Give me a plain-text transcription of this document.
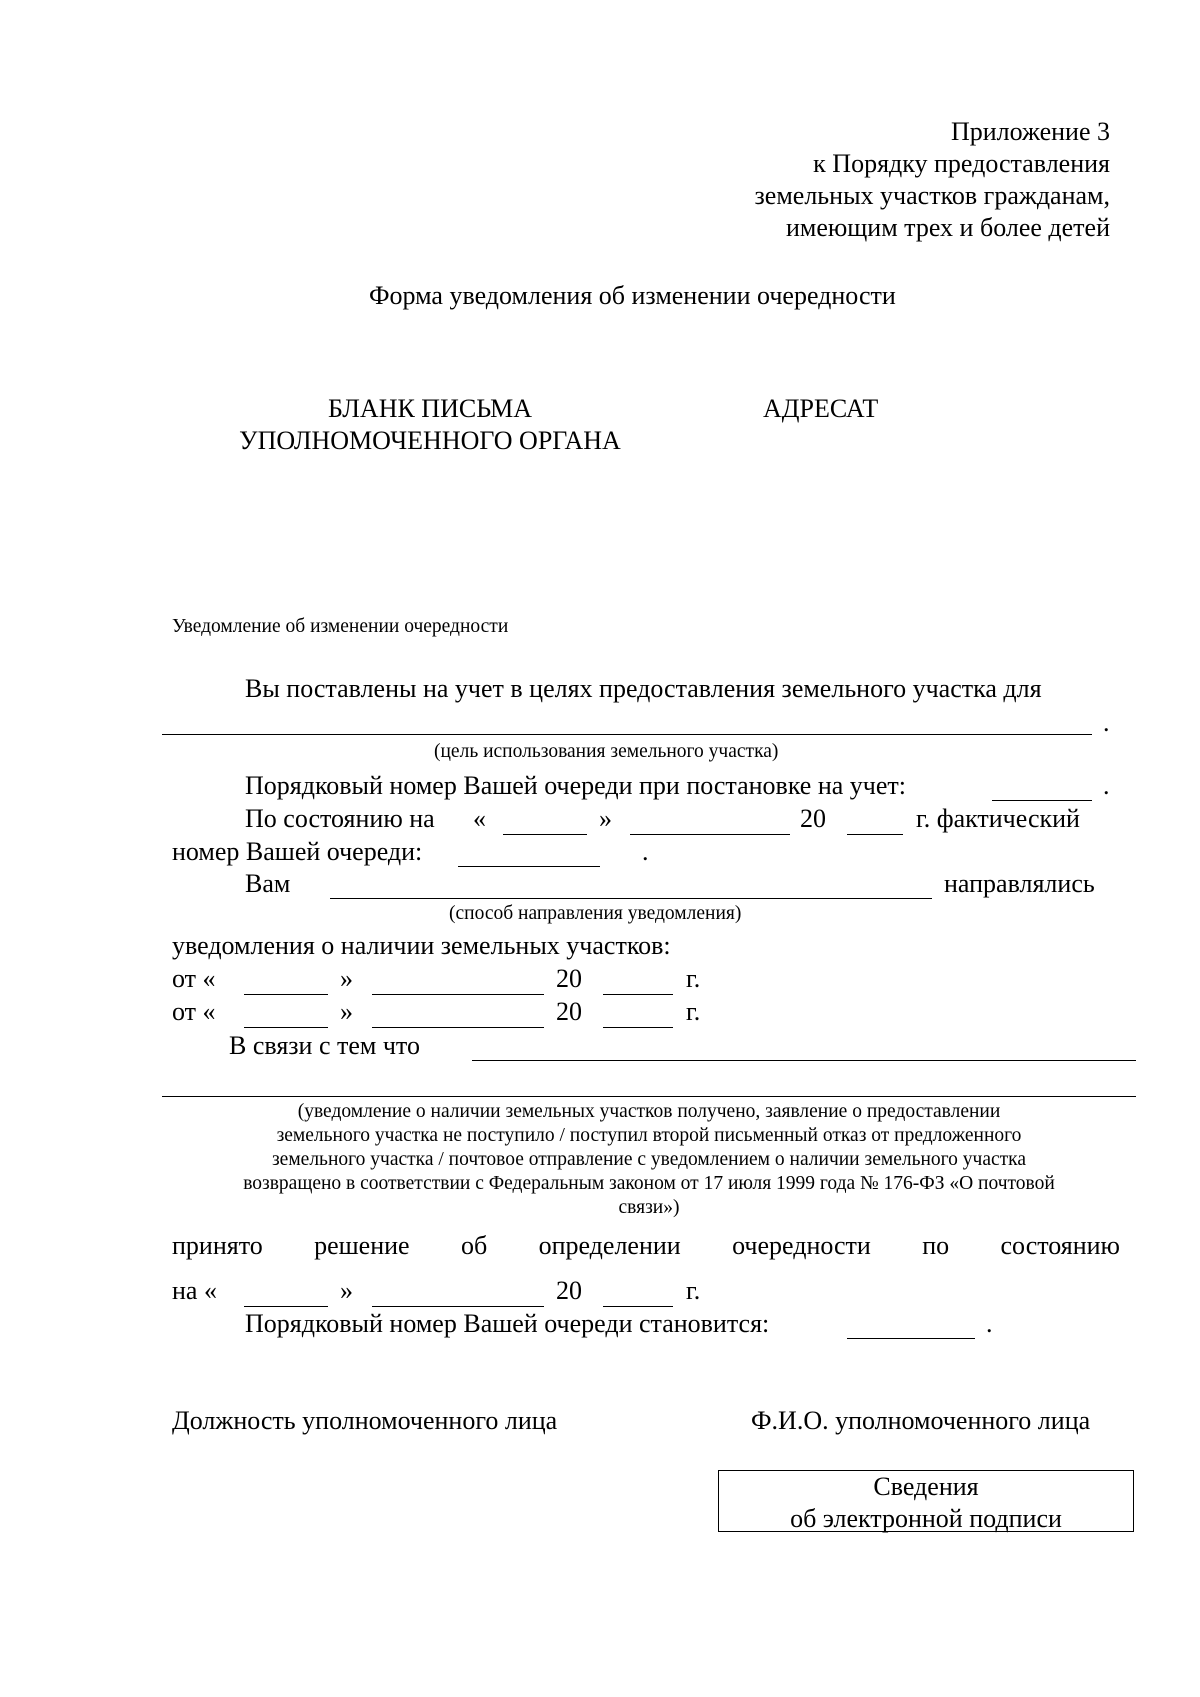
Приложение 3
к Порядку предоставления
земельных участков гражданам,
имеющим трех и более детей
Форма уведомления об изменении очередности
БЛАНК ПИСЬМА
УПОЛНОМОЧЕННОГО ОРГАНА
АДРЕСАТ
Уведомление об изменении очередности
Вы поставлены на учет в целях предоставления земельного участка для
.
(цель использования земельного участка)
Порядковый номер Вашей очереди при постановке на учет:	.
По состоянию на «	»	20	г. фактический
номер Вашей очереди:	.
Вам	направлялись
(способ направления уведомления)
уведомления о наличии земельных участков:
от «	»	20	г.
от «	»	20	г.
В связи с тем что
(уведомление о наличии земельных участков получено, заявление о предоставлении
земельного участка не поступило / поступил второй письменный отказ от предложенного
земельного участка / почтовое отправление с уведомлением о наличии земельного участка
возвращено в соответствии с Федеральным законом от 17 июля 1999 года № 176-ФЗ «О почтовой
связи»)
принято решение об определении очередности по состоянию
на «	»	20	г.
Порядковый номер Вашей очереди становится:	.
Должность уполномоченного лица	Ф.И.О. уполномоченного лица
Сведения
об электронной подписи
